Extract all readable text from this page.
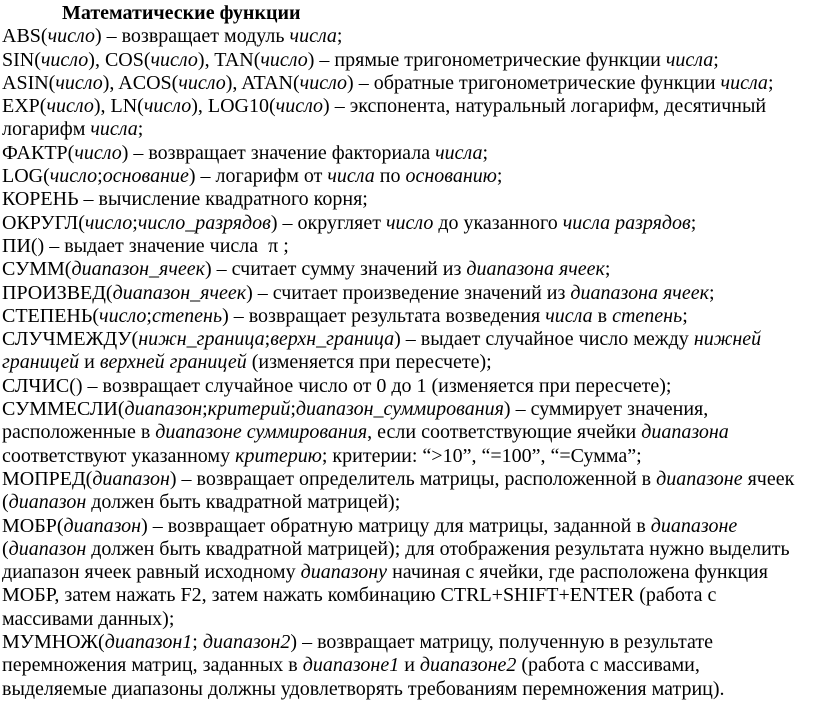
Математические функции
ABS(число) – возвращает модуль числа;
SIN(число), COS(число), TAN(число) – прямые тригонометрические функции числа;
ASIN(число), ACOS(число), ATAN(число) – обратные тригонометрические функции числа;
EXP(число), LN(число), LOG10(число) – экспонента, натуральный логарифм, десятичный
логарифм числа;
ФАКТР(число) – возвращает значение факториала числа;
LOG(число;основание) – логарифм от числа по основанию;
КОРЕНЬ – вычисление квадратного корня;
ОКРУГЛ(число;число_разрядов) – округляет число до указанного числа разрядов;
ПИ() – выдает значение числа  π ;
СУММ(диапазон_ячеек) – считает сумму значений из диапазона ячеек;
ПРОИЗВЕД(диапазон_ячеек) – считает произведение значений из диапазона ячеек;
СТЕПЕНЬ(число;степень) – возвращает результата возведения числа в степень;
СЛУЧМЕЖДУ(нижн_граница;верхн_граница) – выдает случайное число между нижней
границей и верхней границей (изменяется при пересчете);
СЛЧИС() – возвращает случайное число от 0 до 1 (изменяется при пересчете);
СУММЕСЛИ(диапазон;критерий;диапазон_суммирования) – суммирует значения,
расположенные в диапазоне суммирования, если соответствующие ячейки диапазона
соответствуют указанному критерию; критерии: “>10”, “=100”, “=Сумма”;
МОПРЕД(диапазон) – возвращает определитель матрицы, расположенной в диапазоне ячеек
(диапазон должен быть квадратной матрицей);
МОБР(диапазон) – возвращает обратную матрицу для матрицы, заданной в диапазоне
(диапазон должен быть квадратной матрицей); для отображения результата нужно выделить
диапазон ячеек равный исходному диапазону начиная с ячейки, где расположена функция
МОБР, затем нажать F2, затем нажать комбинацию CTRL+SHIFT+ENTER (работа с
массивами данных);
МУМНОЖ(диапазон1; диапазон2) – возвращает матрицу, полученную в результате
перемножения матриц, заданных в диапазоне1 и диапазоне2 (работа с массивами,
выделяемые диапазоны должны удовлетворять требованиям перемножения матриц).
